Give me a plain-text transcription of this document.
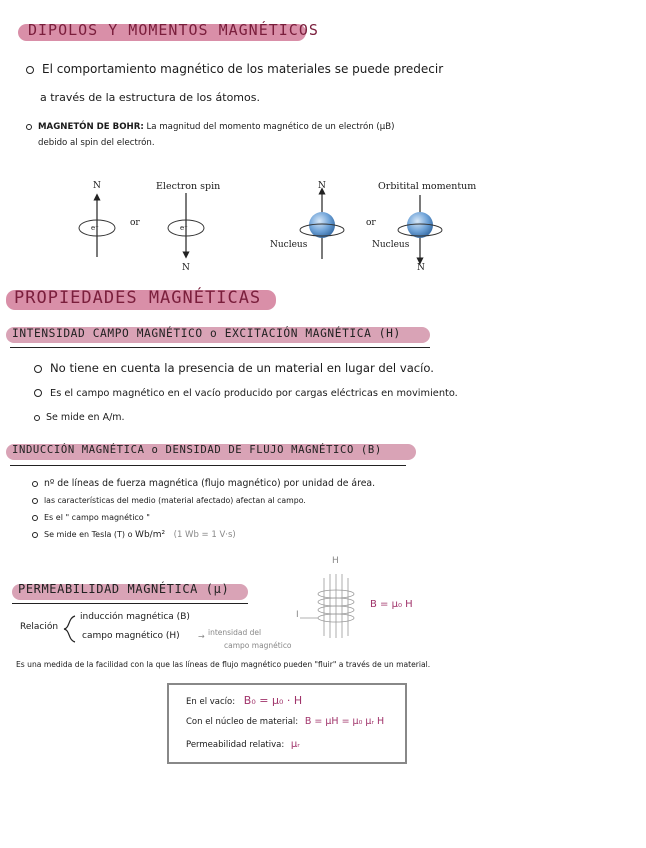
DIPOLOS Y MOMENTOS MAGNÉTICOS
El comportamiento magnético de los materiales se puede predecir
a través de la estructura de los átomos.
MAGNETÓN DE BOHR: La magnitud del momento magnético de un electrón (μB)
debido al spin del electrón.
N
e⁻	or
Electron spin
e⁻
N
N
Nucleus
or
Orbitital momentum
Nucleus
N
PROPIEDADES MAGNÉTICAS
INTENSIDAD CAMPO MAGNÉTICO o EXCITACIÓN MAGNÉTICA (H)
No tiene en cuenta la presencia de un material en lugar del vacío.
Es el campo magnético en el vacío producido por cargas eléctricas en movimiento.
Se mide en A/m.
INDUCCIÓN MAGNÉTICA o DENSIDAD DE FLUJO MAGNÉTICO (B)
nº de líneas de fuerza magnética (flujo magnético) por unidad de área.
las características del medio (material afectado) afectan al campo.
Es el " campo magnético "
Se mide en Tesla (T) o Wb/m² (1 Wb = 1 V·s)
PERMEABILIDAD MAGNÉTICA (μ)
H
I
B = μ₀ H
Relación
inducción magnética (B)
campo magnético (H) → intensidad del
campo magnético
Es una medida de la facilidad con la que las líneas de flujo magnético pueden "fluir" a través de un material.
En el vacío: B₀ = μ₀ · H
Con el núcleo de material: B = μH = μ₀ μᵣ H
Permeabilidad relativa: μᵣ
